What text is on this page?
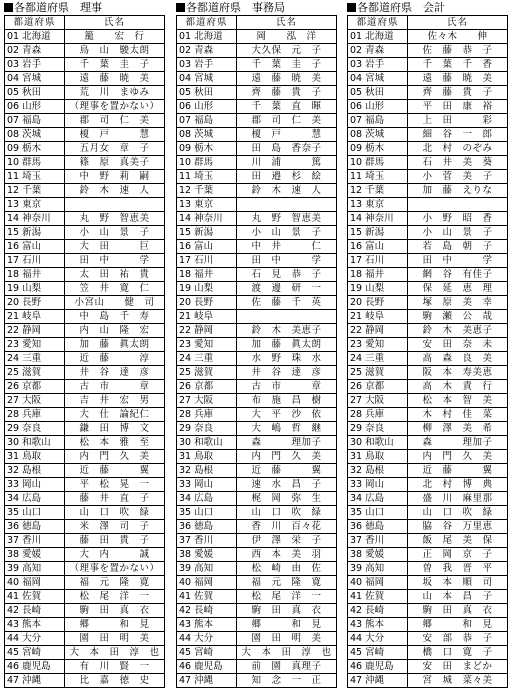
各都道府県　理事
都道府県	氏名
01 北海道	籠　　宏　行
02 青森	鳥　山　駿太朗
03 岩手	千　葉　圭　子
04 宮城	遠　藤　暁　美
05 秋田	荒　川　まゆみ
06 山形	（理事を置かない）
07 福島	郡　司　仁　美
08 茨城	榎　戸　　　慧
09 栃木	五月女　章　子
10 群馬	篠　原　真美子
11 埼玉	中　野　莉　嗣
12 千葉	鈴　木　速　人
13 東京	
14 神奈川	丸　野　智恵美
15 新潟	小　山　景　子
16 富山	大　田　　　巨
17 石川	田　中　　　学
18 福井	太　田　祐　貴
19 山梨	笠　井　寛　仁
20 長野	小宮山　　健　司
21 岐阜	中　島　千　寿
22 静岡	内　山　隆　宏
23 愛知	加　藤　眞太朗
24 三重	近　藤　　　淳
25 滋賀	井　谷　達　彦
26 京都	古　市　　　章
27 大阪	吉　井　宏　男
28 兵庫	大　仕　論紀仁
29 奈良	鎌　田　博　文
30 和歌山	松　本　雅　至
31 鳥取	内　門　久　美
32 島根	近　藤　　　翼
33 岡山	平　松　晃　一
34 広島	藤　井　直　子
35 山口	山　口　吹　緑
36 徳島	米　澤　司　子
37 香川	藤　田　貴　子
38 愛媛	大　内　　　誠
39 高知	（理事を置かない）
40 福岡	福　元　隆　寛
41 佐賀	松　尾　洋　一
42 長崎	駒　田　真　衣
43 熊本	郷　　　和　見
44 大分	園　田　明　美
45 宮崎	大　本　田　淳　也
46 鹿児島	有　川　賢　一
47 沖縄	比　嘉　徳　史
各都道府県　事務局
都道府県	氏名
01 北海道	岡　　泓　洋
02 青森	大久保　元　子
03 岩手	千　葉　圭　子
04 宮城	遠　藤　暁　美
05 秋田	齊　藤　貴　子
06 山形	千　葉　直　暉
07 福島	郡　司　仁　美
08 茨城	榎　戸　　　慧
09 栃木	田　島　香奈子
10 群馬	川　浦　　　篤
11 埼玉	田　邉　杉　絵
12 千葉	鈴　木　速　人
13 東京	
14 神奈川	丸　野　智恵美
15 新潟	小　山　景　子
16 富山	中　井　　　仁
17 石川	田　中　　　学
18 福井	石　見　恭　子
19 山梨	渡　邊　研　一
20 長野	佐　藤　千　英
21 岐阜	
22 静岡	鈴　木　美恵子
23 愛知	加　藤　眞太朗
24 三重	水　野　珠　水
25 滋賀	井　谷　達　彦
26 京都	古　市　　　章
27 大阪	布　施　昌　樹
28 兵庫	大　平　沙　依
29 奈良	大　嶋　哲　継
30 和歌山	森　　　理加子
31 鳥取	内　門　久　美
32 島根	近　藤　　　翼
33 岡山	速　水　昌　子
34 広島	梶　岡　弥　生
35 山口	山　口　吹　緑
36 徳島	香　川　百々花
37 香川	伊　澤　栄　子
38 愛媛	西　本　美　羽
39 高知	松　崎　由　佐
40 福岡	福　元　隆　寛
41 佐賀	松　尾　洋　一
42 長崎	駒　田　真　衣
43 熊本	郷　　　和　見
44 大分	園　田　明　美
45 宮崎	大　本　田　淳　也
46 鹿児島	前　園　真理子
47 沖縄	知　念　一　正
各都道府県　会計
都道府県	氏名
01 北海道	佐々木　　伸
02 青森	佐　藤　恭　子
03 岩手	千　葉　千　香
04 宮城	遠　藤　暁　美
05 秋田	齊　藤　貴　子
06 山形	平　田　康　裕
07 福島	上　田　　　彩
08 茨城	細　谷　一　郎
09 栃木	北　村　のぞみ
10 群馬	石　井　美　葵
11 埼玉	小　菅　美　子
12 千葉	加　藤　えりな
13 東京	
14 神奈川	小　野　昭　香
15 新潟	小　山　景　子
16 富山	若　島　朝　子
17 石川	田　中　　　学
18 福井	網　谷　有佳子
19 山梨	保　延　恵　理
20 長野	塚　原　美　幸
21 岐阜	駒　瀬　公　哉
22 静岡	鈴　木　美恵子
23 愛知	安　田　奈　未
24 三重	高　森　良　美
25 滋賀	阪　本　寿美恵
26 京都	高　木　責　行
27 大阪	松　本　智　美
28 兵庫	木　村　佳　菜
29 奈良	柳　澤　美　希
30 和歌山	森　　　理加子
31 鳥取	内　門　久　美
32 島根	近　藤　　　翼
33 岡山	北　村　博　典
34 広島	盛　川　麻里那
35 山口	山　口　吹　緑
36 徳島	脇　谷　万里恵
37 香川	飯　尾　美　保
38 愛媛	正　岡　京　子
39 高知	曽　我　晋　平
40 福岡	坂　本　順　司
41 佐賀	山　本　昌　子
42 長崎	駒　田　真　衣
43 熊本	郷　　　和　見
44 大分	安　部　恭　子
45 宮崎	橋　口　寛　子
46 鹿児島	安　田　まどか
47 沖縄	宮　城　菜々美
